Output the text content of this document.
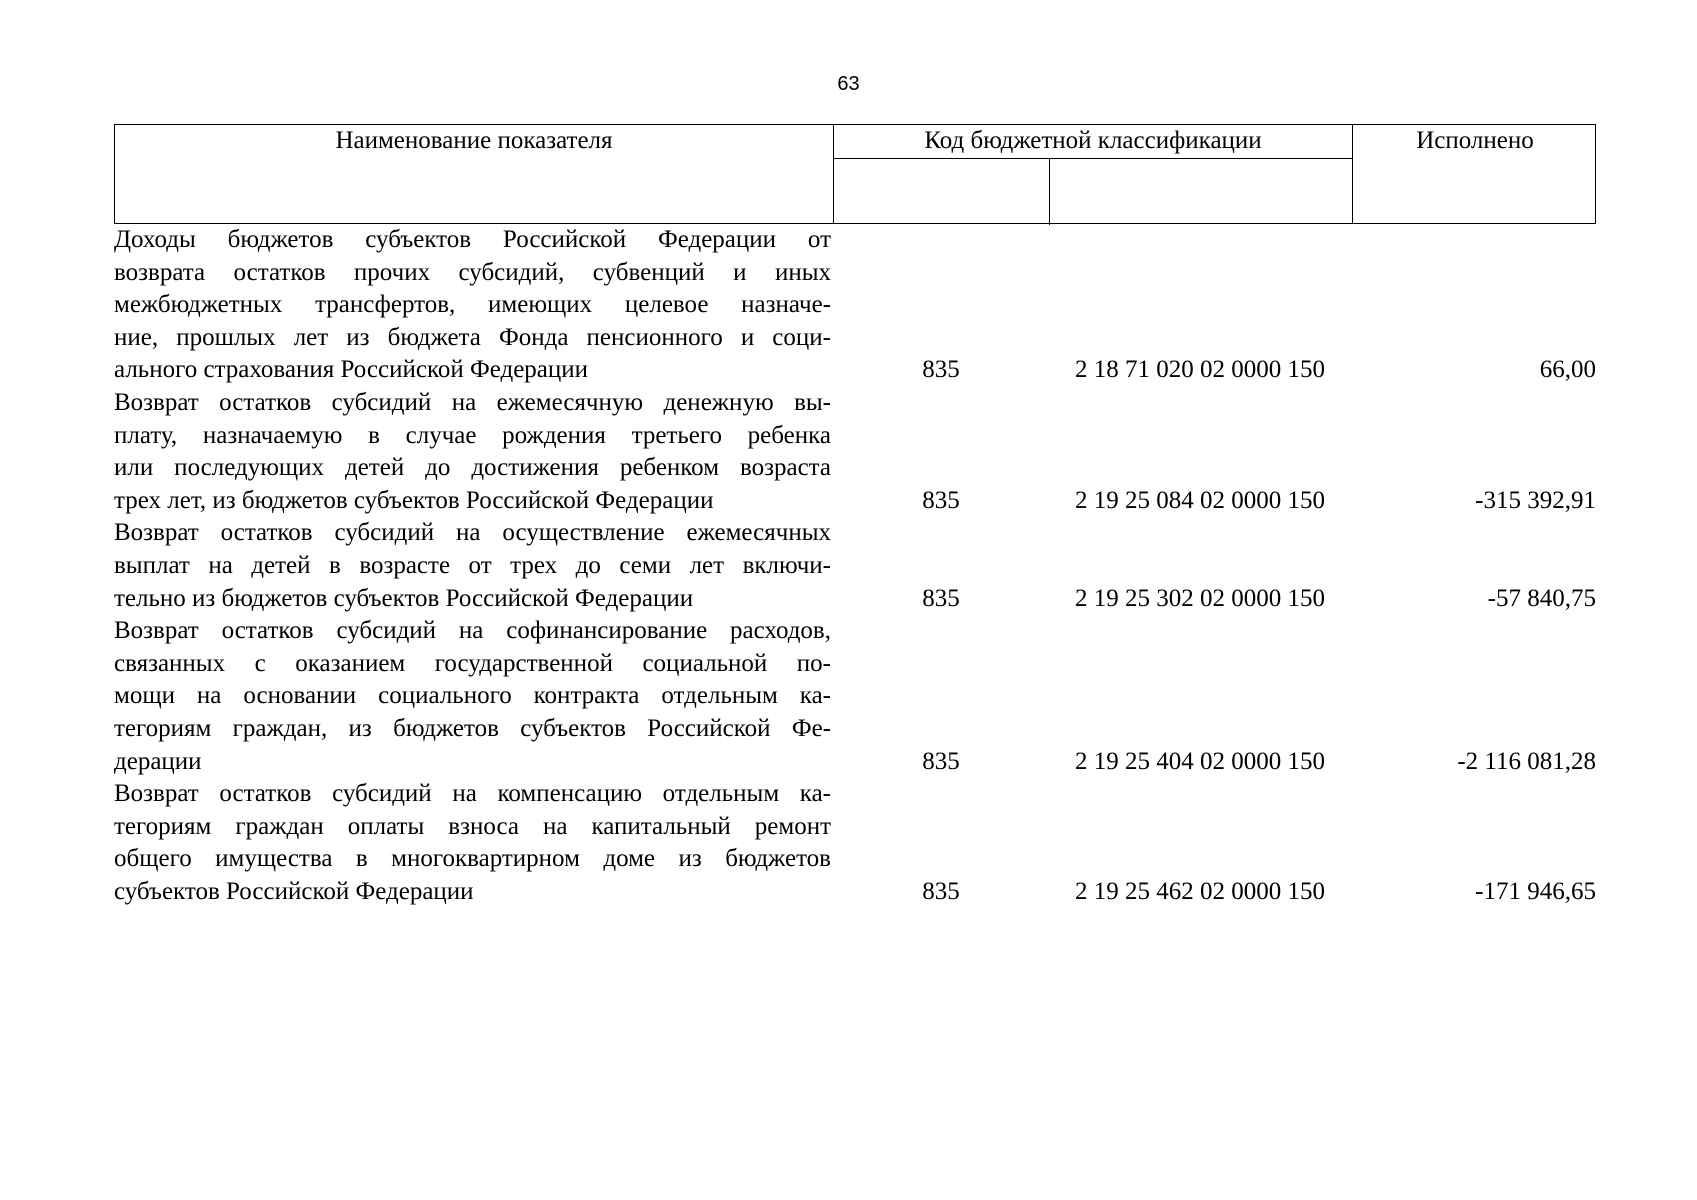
63
Наименование показателя	Код бюджетной классификации	Исполнено
Доходы бюджетов субъектов Российской Федерации от
возврата остатков прочих субсидий, субвенций и иных
межбюджетных трансфертов, имеющих целевое назначе-
ние, прошлых лет из бюджета Фонда пенсионного и соци-
ального страхования Российской Федерации	835	2 18 71 020 02 0000 150	66,00
Возврат остатков субсидий на ежемесячную денежную вы-
плату, назначаемую в случае рождения третьего ребенка
или последующих детей до достижения ребенком возраста
трех лет, из бюджетов субъектов Российской Федерации	835	2 19 25 084 02 0000 150	-315 392,91
Возврат остатков субсидий на осуществление ежемесячных
выплат на детей в возрасте от трех до семи лет включи-
тельно из бюджетов субъектов Российской Федерации	835	2 19 25 302 02 0000 150	-57 840,75
Возврат остатков субсидий на софинансирование расходов,
связанных с оказанием государственной социальной по-
мощи на основании социального контракта отдельным ка-
тегориям граждан, из бюджетов субъектов Российской Фе-
дерации	835	2 19 25 404 02 0000 150	-2 116 081,28
Возврат остатков субсидий на компенсацию отдельным ка-
тегориям граждан оплаты взноса на капитальный ремонт
общего имущества в многоквартирном доме из бюджетов
субъектов Российской Федерации	835	2 19 25 462 02 0000 150	-171 946,65
